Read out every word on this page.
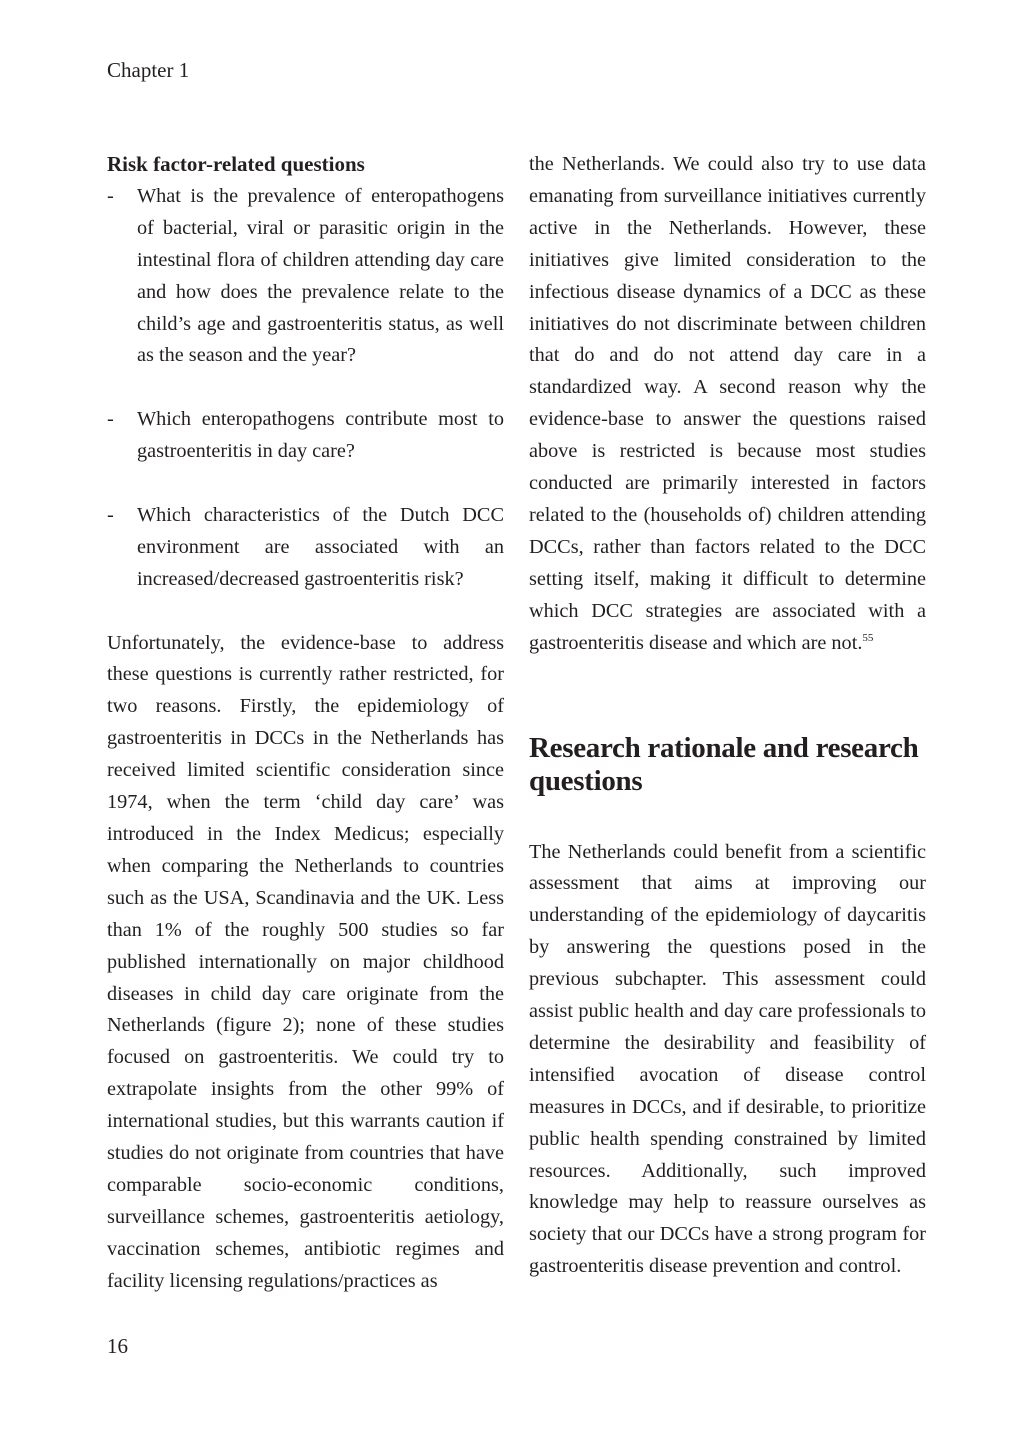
Chapter 1
Risk factor-related questions
- What is the prevalence of enteropathogens of bacterial, viral or parasitic origin in the intestinal flora of children attending day care and how does the prevalence relate to the child’s age and gastroenteritis status, as well as the season and the year?
- Which enteropathogens contribute most to gastroenteritis in day care?
- Which characteristics of the Dutch DCC environment are associated with an increased/decreased gastroenteritis risk?

Unfortunately, the evidence-base to address these questions is currently rather restricted, for two reasons. Firstly, the epidemiology of gastroenteritis in DCCs in the Netherlands has received limited scientific consideration since 1974, when the term ‘child day care’ was introduced in the Index Medicus; especially when comparing the Netherlands to countries such as the USA, Scandinavia and the UK. Less than 1% of the roughly 500 studies so far published internationally on major childhood diseases in child day care originate from the Netherlands (figure 2); none of these studies focused on gastroenteritis. We could try to extrapolate insights from the other 99% of international studies, but this warrants caution if studies do not originate from countries that have comparable socio-economic conditions, surveillance schemes, gastroenteritis aetiology, vaccination schemes, antibiotic regimes and facility licensing regulations/practices as

the Netherlands. We could also try to use data emanating from surveillance initiatives currently active in the Netherlands. However, these initiatives give limited consideration to the infectious disease dynamics of a DCC as these initiatives do not discriminate between children that do and do not attend day care in a standardized way. A second reason why the evidence-base to answer the questions raised above is restricted is because most studies conducted are primarily interested in factors related to the (households of) children attending DCCs, rather than factors related to the DCC setting itself, making it difficult to determine which DCC strategies are associated with a gastroenteritis disease and which are not.$^{55}$

Research rationale and research questions

The Netherlands could benefit from a scientific assessment that aims at improving our understanding of the epidemiology of daycaritis by answering the questions posed in the previous subchapter. This assessment could assist public health and day care professionals to determine the desirability and feasibility of intensified avocation of disease control measures in DCCs, and if desirable, to prioritize public health spending constrained by limited resources. Additionally, such improved knowledge may help to reassure ourselves as society that our DCCs have a strong program for gastroenteritis disease prevention and control.

16
